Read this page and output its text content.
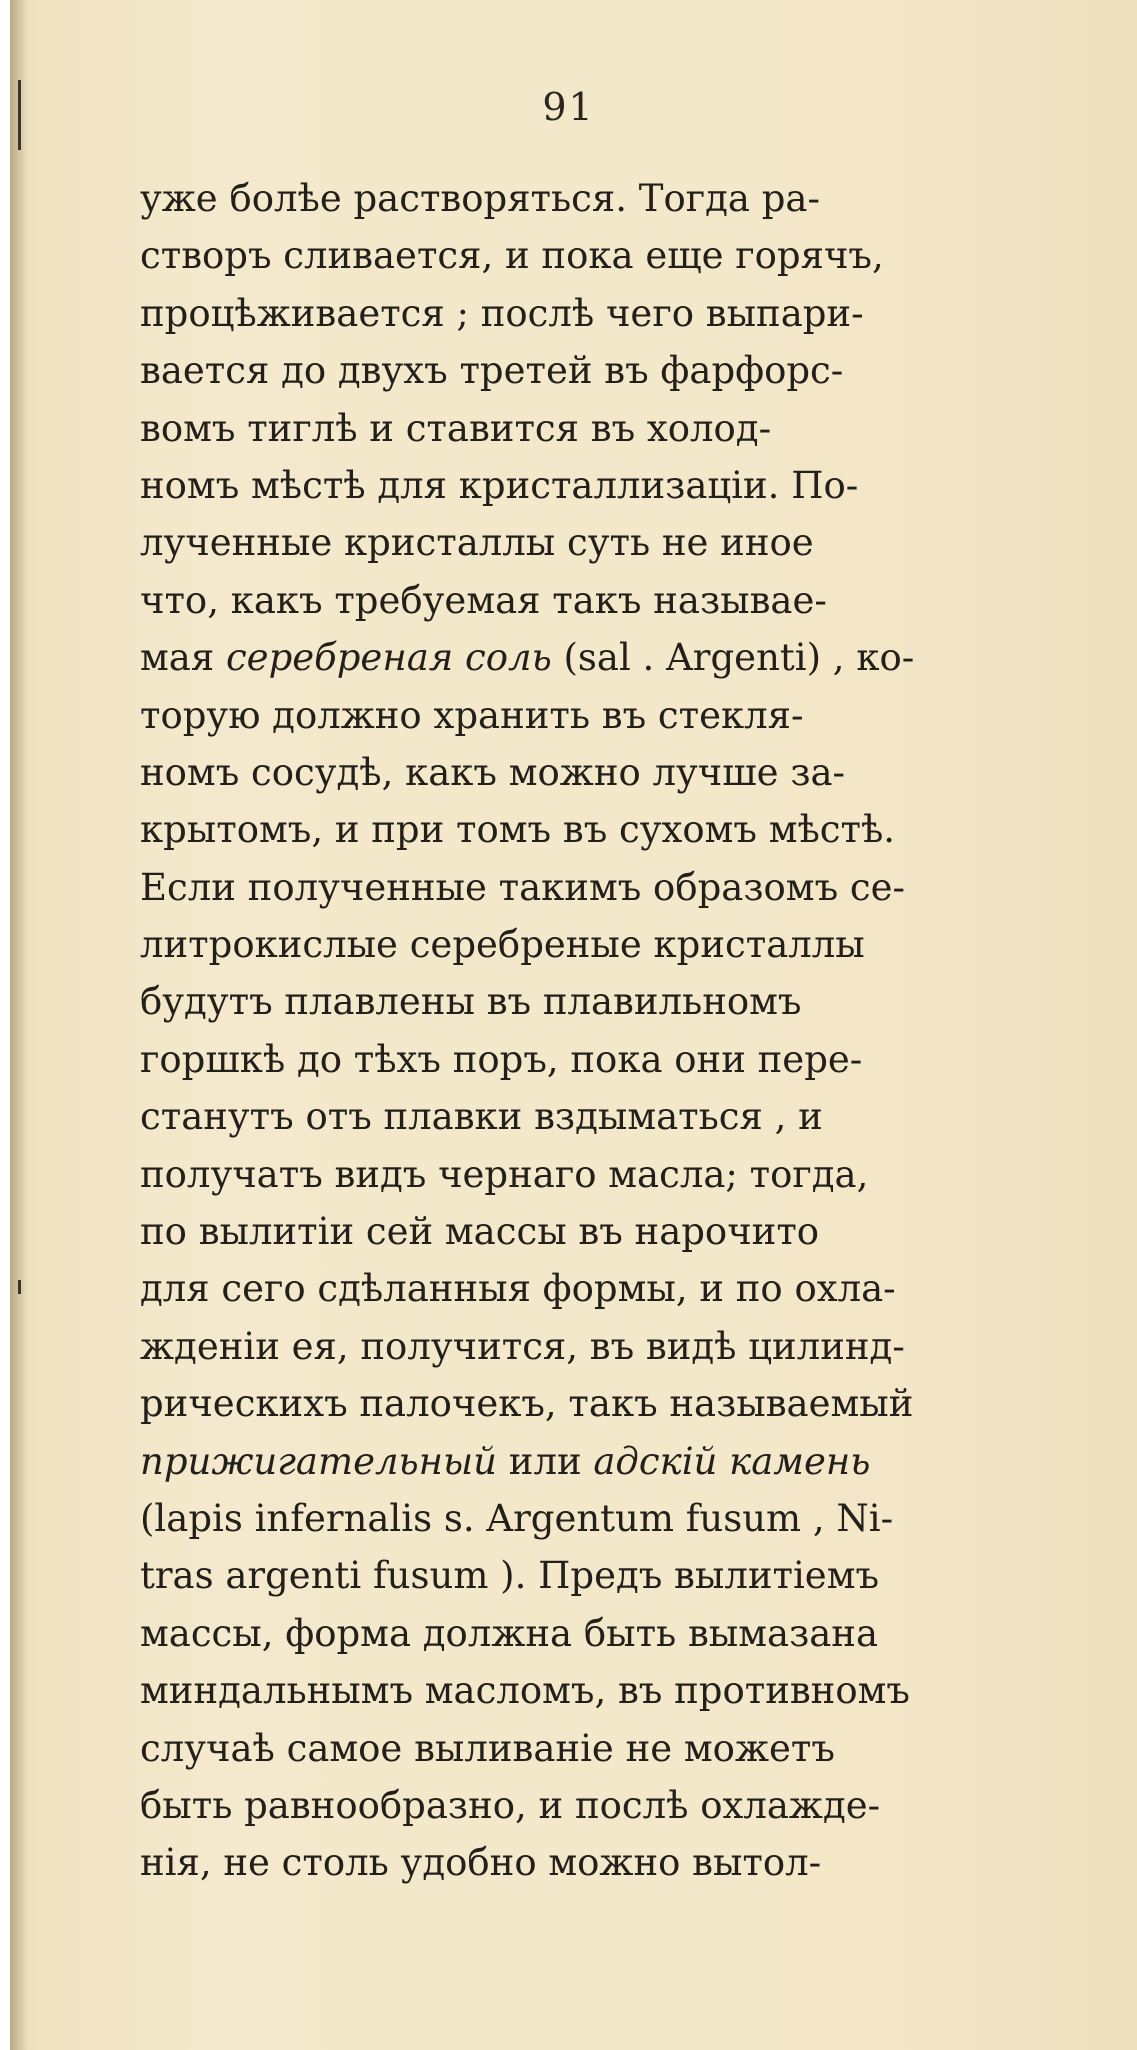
91
уже болѣе растворяться. Тогда ра-
створъ сливается, и пока еще горячъ,
процѣживается ; послѣ чего выпари-
вается до двухъ третей въ фарфорс-
вомъ тиглѣ и ставится въ холод-
номъ мѣстѣ для кристаллизацiи. По-
лученные кристаллы суть не иное
что, какъ требуемая такъ называе-
мая серебреная соль (sal . Argenti) , ко-
торую должно хранить въ стекля-
номъ сосудѣ, какъ можно лучше за-
крытомъ, и при томъ въ сухомъ мѣстѣ.
Если полученные такимъ образомъ се-
литрокислые серебреные кристаллы
будутъ плавлены въ плавильномъ
горшкѣ до тѣхъ поръ, пока они пере-
станутъ отъ плавки вздыматься , и
получатъ видъ чернаго масла; тогда,
по вылитiи сей массы въ нарочито
для сего сдѣланныя формы, и по охла-
жденiи ея, получится, въ видѣ цилинд-
рическихъ палочекъ, такъ называемый
прижигательный или адскiй камень
(lapis infernalis s. Argentum fusum , Ni-
tras argenti fusum ). Предъ вылитiемъ
массы, форма должна быть вымазана
миндальнымъ масломъ, въ противномъ
случаѣ самое выливанiе не можетъ
быть равнообразно, и послѣ охлажде-
нiя, не столь удобно можно вытол-
